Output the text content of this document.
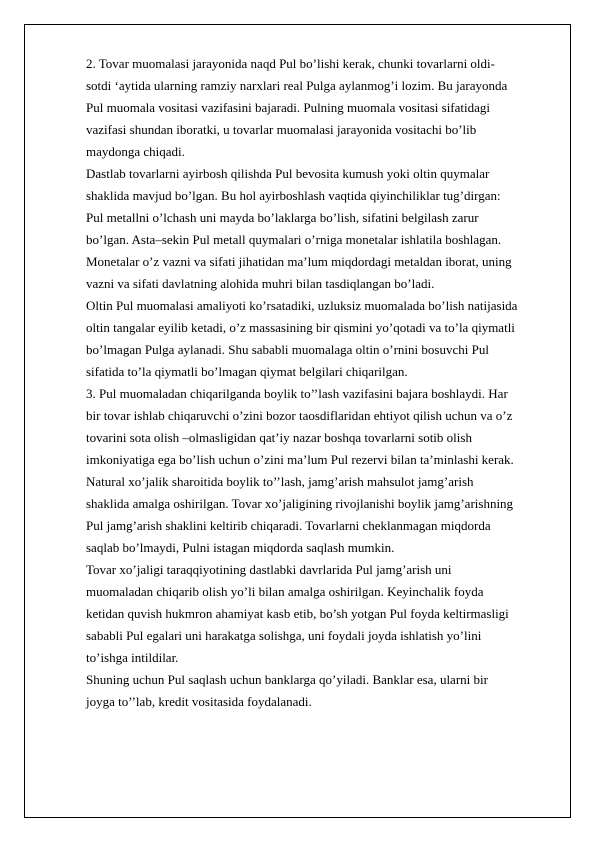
2. Tovar muomalasi jarayonida naqd Pul bo’lishi kerak, chunki tovarlarni oldi-
sotdi ‘aytida ularning ramziy narxlari real Pulga aylanmog’i lozim. Bu jarayonda
Pul muomala vositasi vazifasini bajaradi. Pulning muomala vositasi sifatidagi
vazifasi shundan iboratki, u tovarlar muomalasi jarayonida vositachi bo’lib
maydonga chiqadi.
Dastlab tovarlarni ayirbosh qilishda Pul bevosita kumush yoki oltin quymalar
shaklida mavjud bo’lgan. Bu hol ayirboshlash vaqtida qiyinchiliklar tug’dirgan:
Pul metallni o’lchash uni mayda bo’laklarga bo’lish, sifatini belgilash zarur
bo’lgan. Asta–sekin Pul metall quymalari o’rniga monetalar ishlatila boshlagan.
Monetalar o’z vazni va sifati jihatidan ma’lum miqdordagi metaldan iborat, uning
vazni va sifati davlatning alohida muhri bilan tasdiqlangan bo’ladi.
Oltin Pul muomalasi amaliyoti ko’rsatadiki, uzluksiz muomalada bo’lish natijasida
oltin tangalar eyilib ketadi, o’z massasining bir qismini yo’qotadi va to’la qiymatli
bo’lmagan Pulga aylanadi. Shu sababli muomalaga oltin o’rnini bosuvchi Pul
sifatida to’la qiymatli bo’lmagan qiymat belgilari chiqarilgan.
3. Pul muomaladan chiqarilganda boylik to’’lash vazifasini bajara boshlaydi. Har
bir tovar ishlab chiqaruvchi o’zini bozor taosdiflaridan ehtiyot qilish uchun va o’z
tovarini sota olish –olmasligidan qat’iy nazar boshqa tovarlarni sotib olish
imkoniyatiga ega bo’lish uchun o’zini ma’lum Pul rezervi bilan ta’minlashi kerak.
Natural xo’jalik sharoitida boylik to’’lash, jamg’arish mahsulot jamg’arish
shaklida amalga oshirilgan. Tovar xo’jaligining rivojlanishi boylik jamg’arishning
Pul jamg’arish shaklini keltirib chiqaradi. Tovarlarni cheklanmagan miqdorda
saqlab bo’lmaydi, Pulni istagan miqdorda saqlash mumkin.
Tovar xo’jaligi taraqqiyotining dastlabki davrlarida Pul jamg’arish uni
muomaladan chiqarib olish yo’li bilan amalga oshirilgan. Keyinchalik foyda
ketidan quvish hukmron ahamiyat kasb etib, bo’sh yotgan Pul foyda keltirmasligi
sababli Pul egalari uni harakatga solishga, uni foydali joyda ishlatish yo’lini
to’ishga intildilar.
Shuning uchun Pul saqlash uchun banklarga qo’yiladi. Banklar esa, ularni bir
joyga to’’lab, kredit vositasida foydalanadi.
